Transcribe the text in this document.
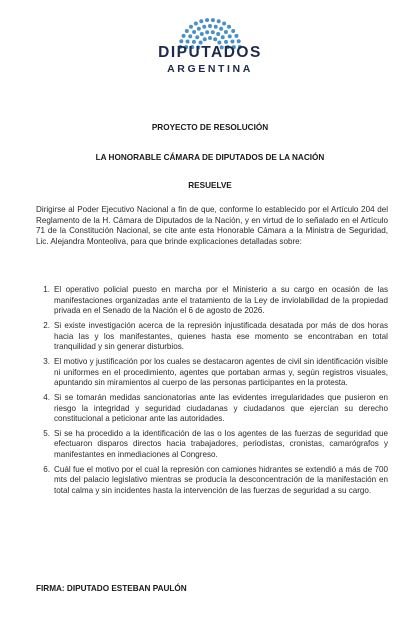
DIPUTADOS
ARGENTINA
PROYECTO DE RESOLUCIÓN
LA HONORABLE CÁMARA DE DIPUTADOS DE LA NACIÓN
RESUELVE
Dirigirse al Poder Ejecutivo Nacional a fin de que, conforme lo establecido por el Artículo 204 del Reglamento de la H. Cámara de Diputados de la Nación, y en virtud de lo señalado en el Artículo 71 de la Constitución Nacional, se cite ante esta Honorable Cámara a la Ministra de Seguridad, Lic. Alejandra Monteoliva, para que brinde explicaciones detalladas sobre:
1. El operativo policial puesto en marcha por el Ministerio a su cargo en ocasión de las manifestaciones organizadas ante el tratamiento de la Ley de inviolabilidad de la propiedad privada en el Senado de la Nación el 6 de agosto de 2026.
2. Si existe investigación acerca de la represión injustificada desatada por más de dos horas hacia las y los manifestantes, quienes hasta ese momento se encontraban en total tranquilidad y sin generar disturbios.
3. El motivo y justificación por los cuales se destacaron agentes de civil sin identificación visible ni uniformes en el procedimiento, agentes que portaban armas y, según registros visuales, apuntando sin miramientos al cuerpo de las personas participantes en la protesta.
4. Si se tomarán medidas sancionatorias ante las evidentes irregularidades que pusieron en riesgo la integridad y seguridad ciudadanas y ciudadanos que ejercían su derecho constitucional a peticionar ante las autoridades.
5. Si se ha procedido a la identificación de las o los agentes de las fuerzas de seguridad que efectuaron disparos directos hacia trabajadores, periodistas, cronistas, camarógrafos y manifestantes en inmediaciones al Congreso.
6. Cuál fue el motivo por el cual la represión con camiones hidrantes se extendió a más de 700 mts del palacio legislativo mientras se producía la desconcentración de la manifestación en total calma y sin incidentes hasta la intervención de las fuerzas de seguridad a su cargo.
FIRMA: DIPUTADO ESTEBAN PAULÓN
